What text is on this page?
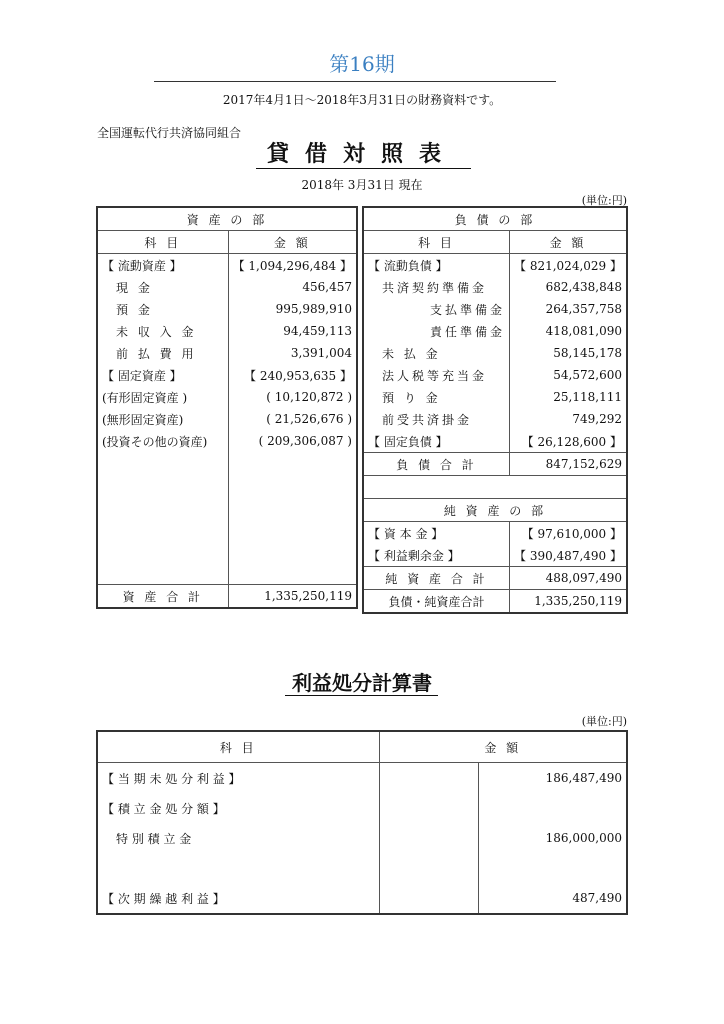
第16期
2017年4月1日～2018年3月31日の財務資料です。
全国運転代行共済協同組合
貸借対照表
2018年 3月31日 現在
(単位:円)
資 産 の 部	
科 目	金 額
【 流動資産 】	【 1,094,296,484 】
現 金	456,457
預 金	995,989,910
未 収 入 金	94,459,113
前 払 費 用	3,391,004
【 固定資産 】	【 240,953,635 】
(有形固定資産 )	( 10,120,872 )
(無形固定資産)	( 21,526,676 )
(投資その他の資産)	( 209,306,087 )

資 産 合 計	1,335,250,119
負 債 の 部	
科 目	金 額
【 流動負債 】	【 821,024,029 】
共済契約準備金	682,438,848
支払準備金	264,357,758
責任準備金	418,081,090
未 払 金	58,145,178
法人税等充当金	54,572,600
預 り 金	25,118,111
前受共済掛金	749,292
【 固定負債 】	【 26,128,600 】
負 債 合 計	847,152,629

純 資 産 の 部	
【 資 本 金 】	【 97,610,000 】
【 利益剰余金 】	【 390,487,490 】
純 資 産 合 計	488,097,490
負債・純資産合計	1,335,250,119
利益処分計算書
(単位:円)
科 目	金 額	
【 当 期 未 処 分 利 益 】		186,487,490
【 積 立 金 処 分 額 】		
特 別 積 立 金		186,000,000

【 次 期 繰 越 利 益 】		487,490
